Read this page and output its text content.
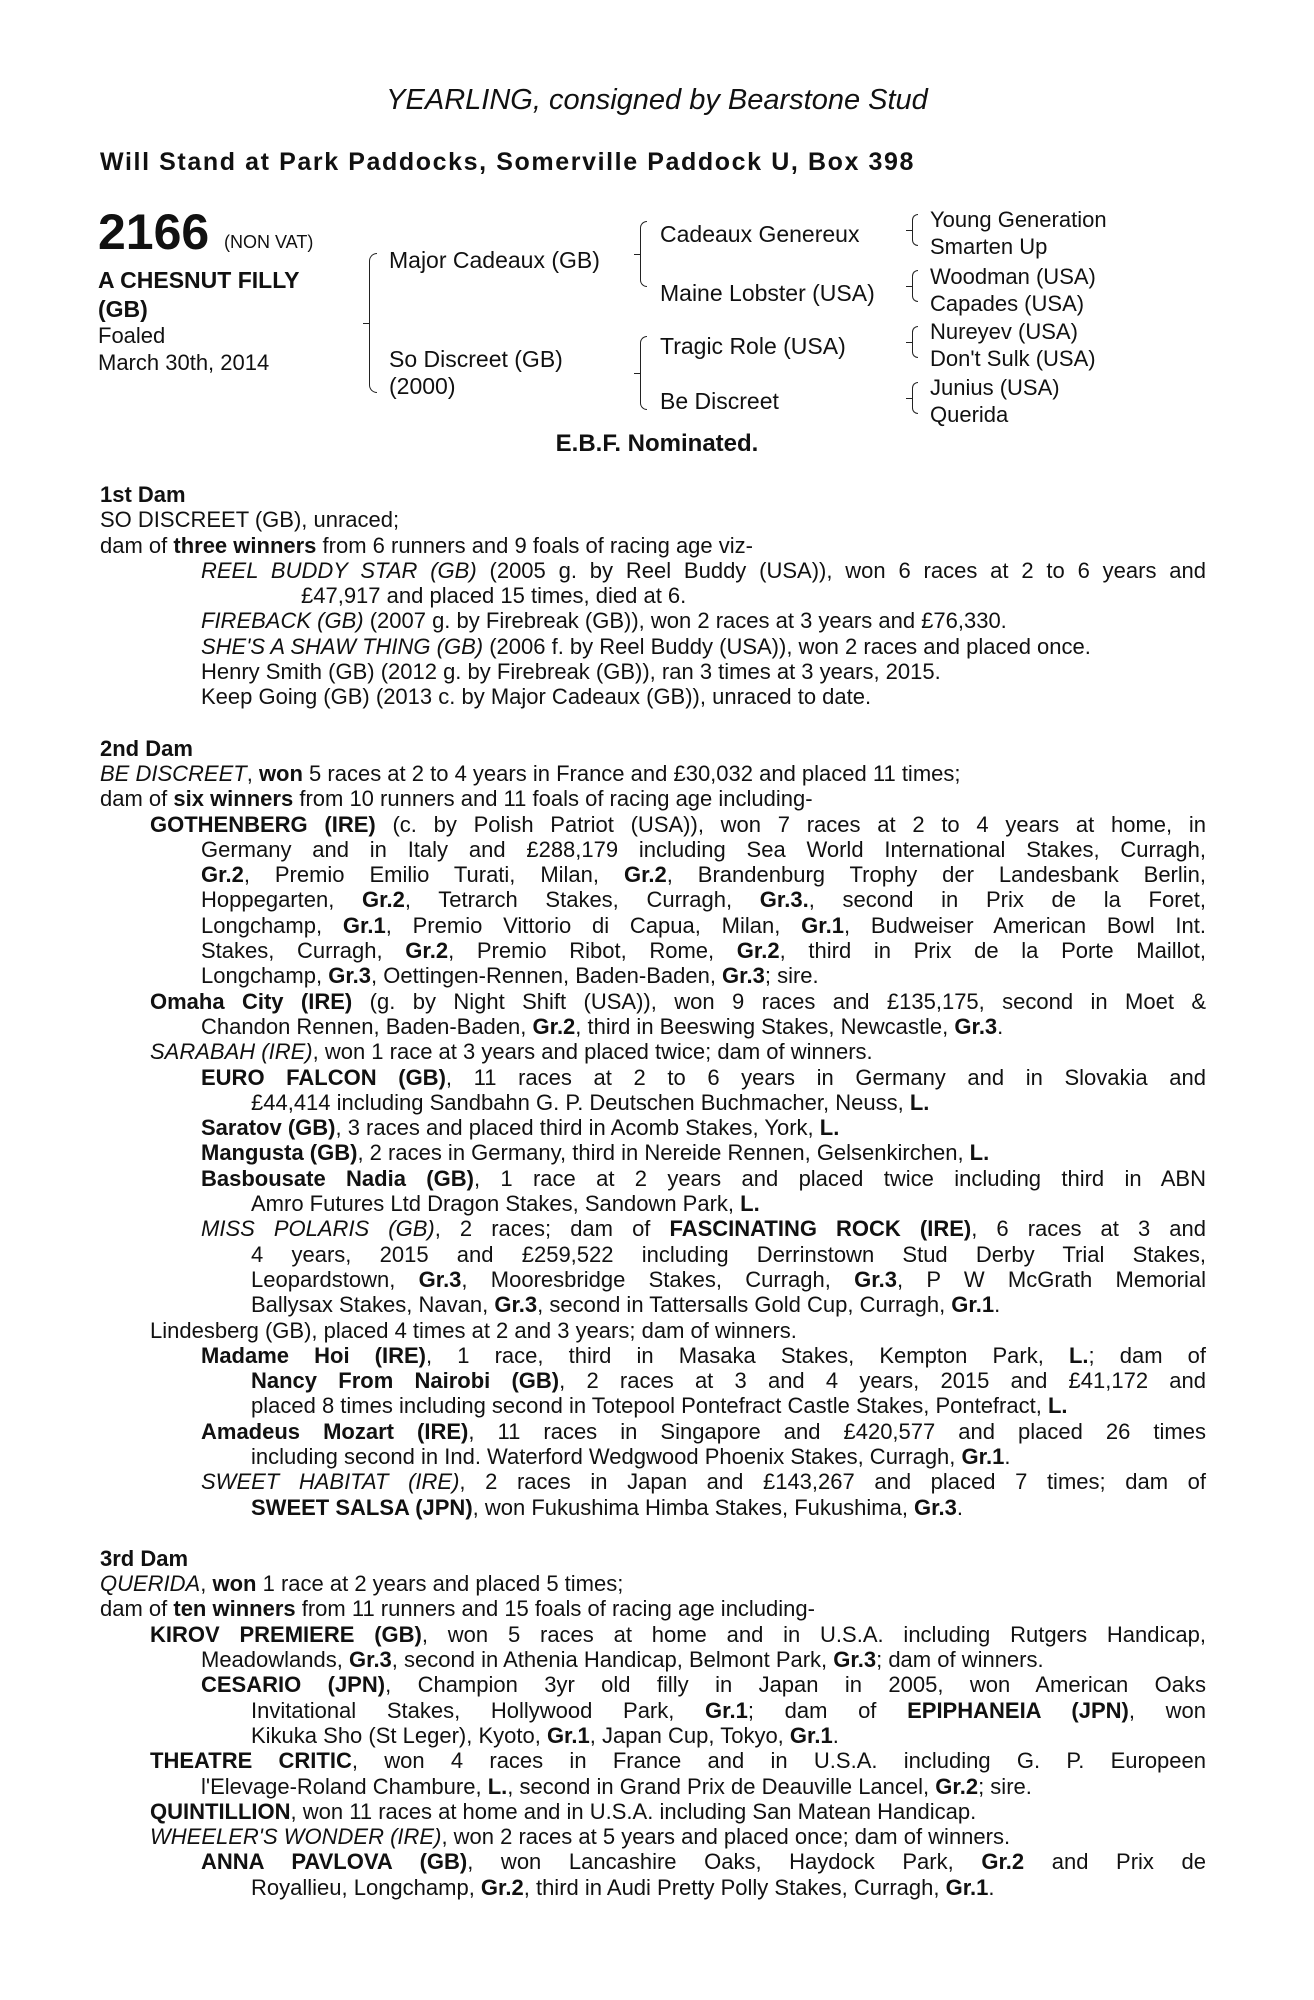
YEARLING, consigned by Bearstone Stud
Will Stand at Park Paddocks, Somerville Paddock U, Box 398
2166 (NON VAT)
A CHESNUT FILLY
(GB)
Foaled
March 30th, 2014
Major Cadeaux (GB)
So Discreet (GB)
(2000)
Cadeaux Genereux
Maine Lobster (USA)
Tragic Role (USA)
Be Discreet
Young Generation
Smarten Up
Woodman (USA)
Capades (USA)
Nureyev (USA)
Don't Sulk (USA)
Junius (USA)
Querida
E.B.F. Nominated.
1st Dam
SO DISCREET (GB), unraced;
dam of three winners from 6 runners and 9 foals of racing age viz-
REEL BUDDY STAR (GB) (2005 g. by Reel Buddy (USA)), won 6 races at 2 to 6 years and
£47,917 and placed 15 times, died at 6.
FIREBACK (GB) (2007 g. by Firebreak (GB)), won 2 races at 3 years and £76,330.
SHE'S A SHAW THING (GB) (2006 f. by Reel Buddy (USA)), won 2 races and placed once.
Henry Smith (GB) (2012 g. by Firebreak (GB)), ran 3 times at 3 years, 2015.
Keep Going (GB) (2013 c. by Major Cadeaux (GB)), unraced to date.
2nd Dam
BE DISCREET, won 5 races at 2 to 4 years in France and £30,032 and placed 11 times;
dam of six winners from 10 runners and 11 foals of racing age including-
GOTHENBERG (IRE) (c. by Polish Patriot (USA)), won 7 races at 2 to 4 years at home, in
Germany and in Italy and £288,179 including Sea World International Stakes, Curragh,
Gr.2, Premio Emilio Turati, Milan, Gr.2, Brandenburg Trophy der Landesbank Berlin,
Hoppegarten, Gr.2, Tetrarch Stakes, Curragh, Gr.3., second in Prix de la Foret,
Longchamp, Gr.1, Premio Vittorio di Capua, Milan, Gr.1, Budweiser American Bowl Int.
Stakes, Curragh, Gr.2, Premio Ribot, Rome, Gr.2, third in Prix de la Porte Maillot,
Longchamp, Gr.3, Oettingen-Rennen, Baden-Baden, Gr.3; sire.
Omaha City (IRE) (g. by Night Shift (USA)), won 9 races and £135,175, second in Moet &
Chandon Rennen, Baden-Baden, Gr.2, third in Beeswing Stakes, Newcastle, Gr.3.
SARABAH (IRE), won 1 race at 3 years and placed twice; dam of winners.
EURO FALCON (GB), 11 races at 2 to 6 years in Germany and in Slovakia and
£44,414 including Sandbahn G. P. Deutschen Buchmacher, Neuss, L.
Saratov (GB), 3 races and placed third in Acomb Stakes, York, L.
Mangusta (GB), 2 races in Germany, third in Nereide Rennen, Gelsenkirchen, L.
Basbousate Nadia (GB), 1 race at 2 years and placed twice including third in ABN
Amro Futures Ltd Dragon Stakes, Sandown Park, L.
MISS POLARIS (GB), 2 races; dam of FASCINATING ROCK (IRE), 6 races at 3 and
4 years, 2015 and £259,522 including Derrinstown Stud Derby Trial Stakes,
Leopardstown, Gr.3, Mooresbridge Stakes, Curragh, Gr.3, P W McGrath Memorial
Ballysax Stakes, Navan, Gr.3, second in Tattersalls Gold Cup, Curragh, Gr.1.
Lindesberg (GB), placed 4 times at 2 and 3 years; dam of winners.
Madame Hoi (IRE), 1 race, third in Masaka Stakes, Kempton Park, L.; dam of
Nancy From Nairobi (GB), 2 races at 3 and 4 years, 2015 and £41,172 and
placed 8 times including second in Totepool Pontefract Castle Stakes, Pontefract, L.
Amadeus Mozart (IRE), 11 races in Singapore and £420,577 and placed 26 times
including second in Ind. Waterford Wedgwood Phoenix Stakes, Curragh, Gr.1.
SWEET HABITAT (IRE), 2 races in Japan and £143,267 and placed 7 times; dam of
SWEET SALSA (JPN), won Fukushima Himba Stakes, Fukushima, Gr.3.
3rd Dam
QUERIDA, won 1 race at 2 years and placed 5 times;
dam of ten winners from 11 runners and 15 foals of racing age including-
KIROV PREMIERE (GB), won 5 races at home and in U.S.A. including Rutgers Handicap,
Meadowlands, Gr.3, second in Athenia Handicap, Belmont Park, Gr.3; dam of winners.
CESARIO (JPN), Champion 3yr old filly in Japan in 2005, won American Oaks
Invitational Stakes, Hollywood Park, Gr.1; dam of EPIPHANEIA (JPN), won
Kikuka Sho (St Leger), Kyoto, Gr.1, Japan Cup, Tokyo, Gr.1.
THEATRE CRITIC, won 4 races in France and in U.S.A. including G. P. Europeen
l'Elevage-Roland Chambure, L., second in Grand Prix de Deauville Lancel, Gr.2; sire.
QUINTILLION, won 11 races at home and in U.S.A. including San Matean Handicap.
WHEELER'S WONDER (IRE), won 2 races at 5 years and placed once; dam of winners.
ANNA PAVLOVA (GB), won Lancashire Oaks, Haydock Park, Gr.2 and Prix de
Royallieu, Longchamp, Gr.2, third in Audi Pretty Polly Stakes, Curragh, Gr.1.
